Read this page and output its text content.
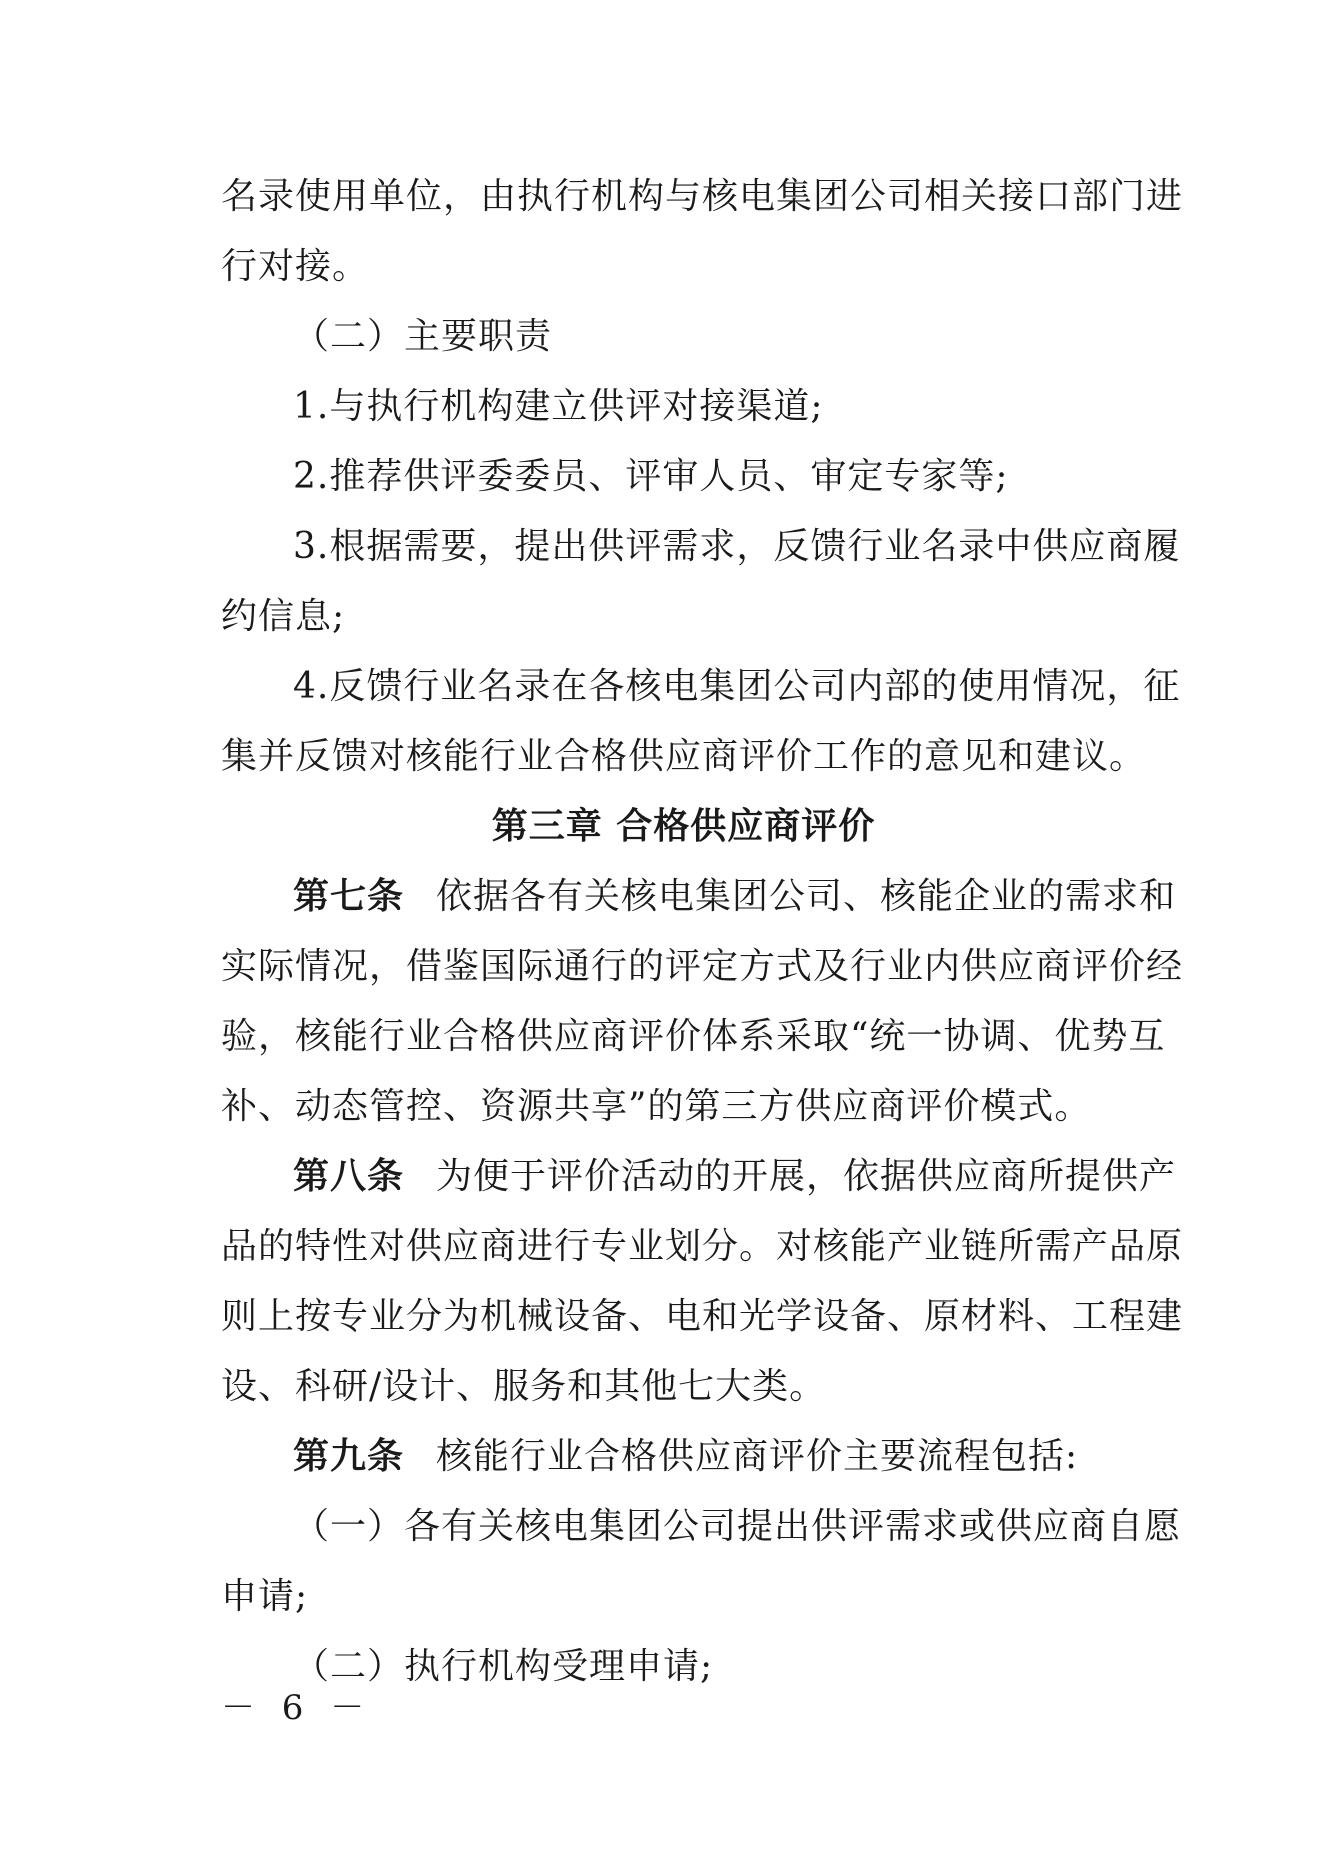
名录使用单位，由执行机构与核电集团公司相关接口部门进
行对接。
（二）主要职责
1.与执行机构建立供评对接渠道;
2.推荐供评委委员、评审人员、审定专家等;
3.根据需要，提出供评需求，反馈行业名录中供应商履
约信息;
4.反馈行业名录在各核电集团公司内部的使用情况，征
集并反馈对核能行业合格供应商评价工作的意见和建议。
第三章 合格供应商评价
第七条 依据各有关核电集团公司、核能企业的需求和
实际情况，借鉴国际通行的评定方式及行业内供应商评价经
验，核能行业合格供应商评价体系采取“统一协调、优势互
补、动态管控、资源共享”的第三方供应商评价模式。
第八条 为便于评价活动的开展，依据供应商所提供产
品的特性对供应商进行专业划分。对核能产业链所需产品原
则上按专业分为机械设备、电和光学设备、原材料、工程建
设、科研/设计、服务和其他七大类。
第九条 核能行业合格供应商评价主要流程包括:
（一）各有关核电集团公司提出供评需求或供应商自愿
申请;
（二）执行机构受理申请;
－ 6 －
